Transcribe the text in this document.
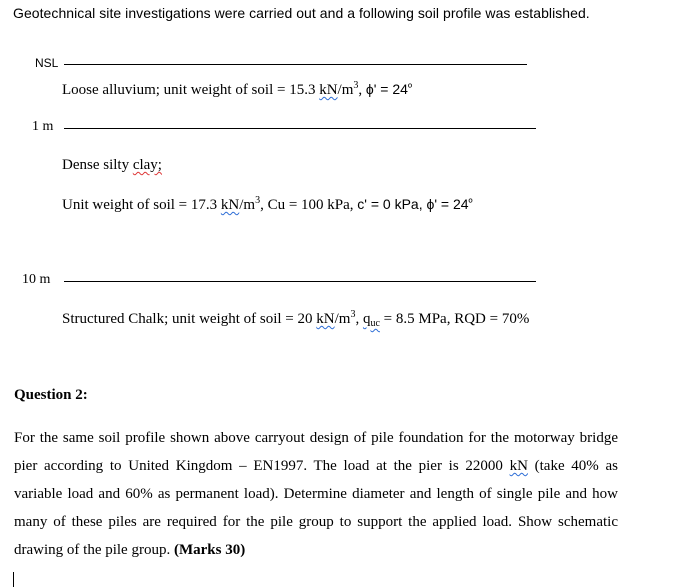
Geotechnical site investigations were carried out and a following soil profile was established.
NSL
Loose alluvium; unit weight of soil = 15.3 $kN/m^3$, $\phi' = 24^º$
1 m
Dense silty clay;
Unit weight of soil = 17.3 $kN/m^3$, Cu = 100 kPa, c' = 0 kPa, $\phi' = 24^º$
10 m
Structured Chalk; unit weight of soil = 20 $kN/m^3$, $q_{uc} = 8.5$ MPa, RQD = 70%
Question 2:
For the same soil profile shown above carryout design of pile foundation for the motorway bridge pier according to United Kingdom – EN1997. The load at the pier is 22000 kN (take 40% as variable load and 60% as permanent load). Determine diameter and length of single pile and how many of these piles are required for the pile group to support the applied load. Show schematic drawing of the pile group. (Marks 30)
